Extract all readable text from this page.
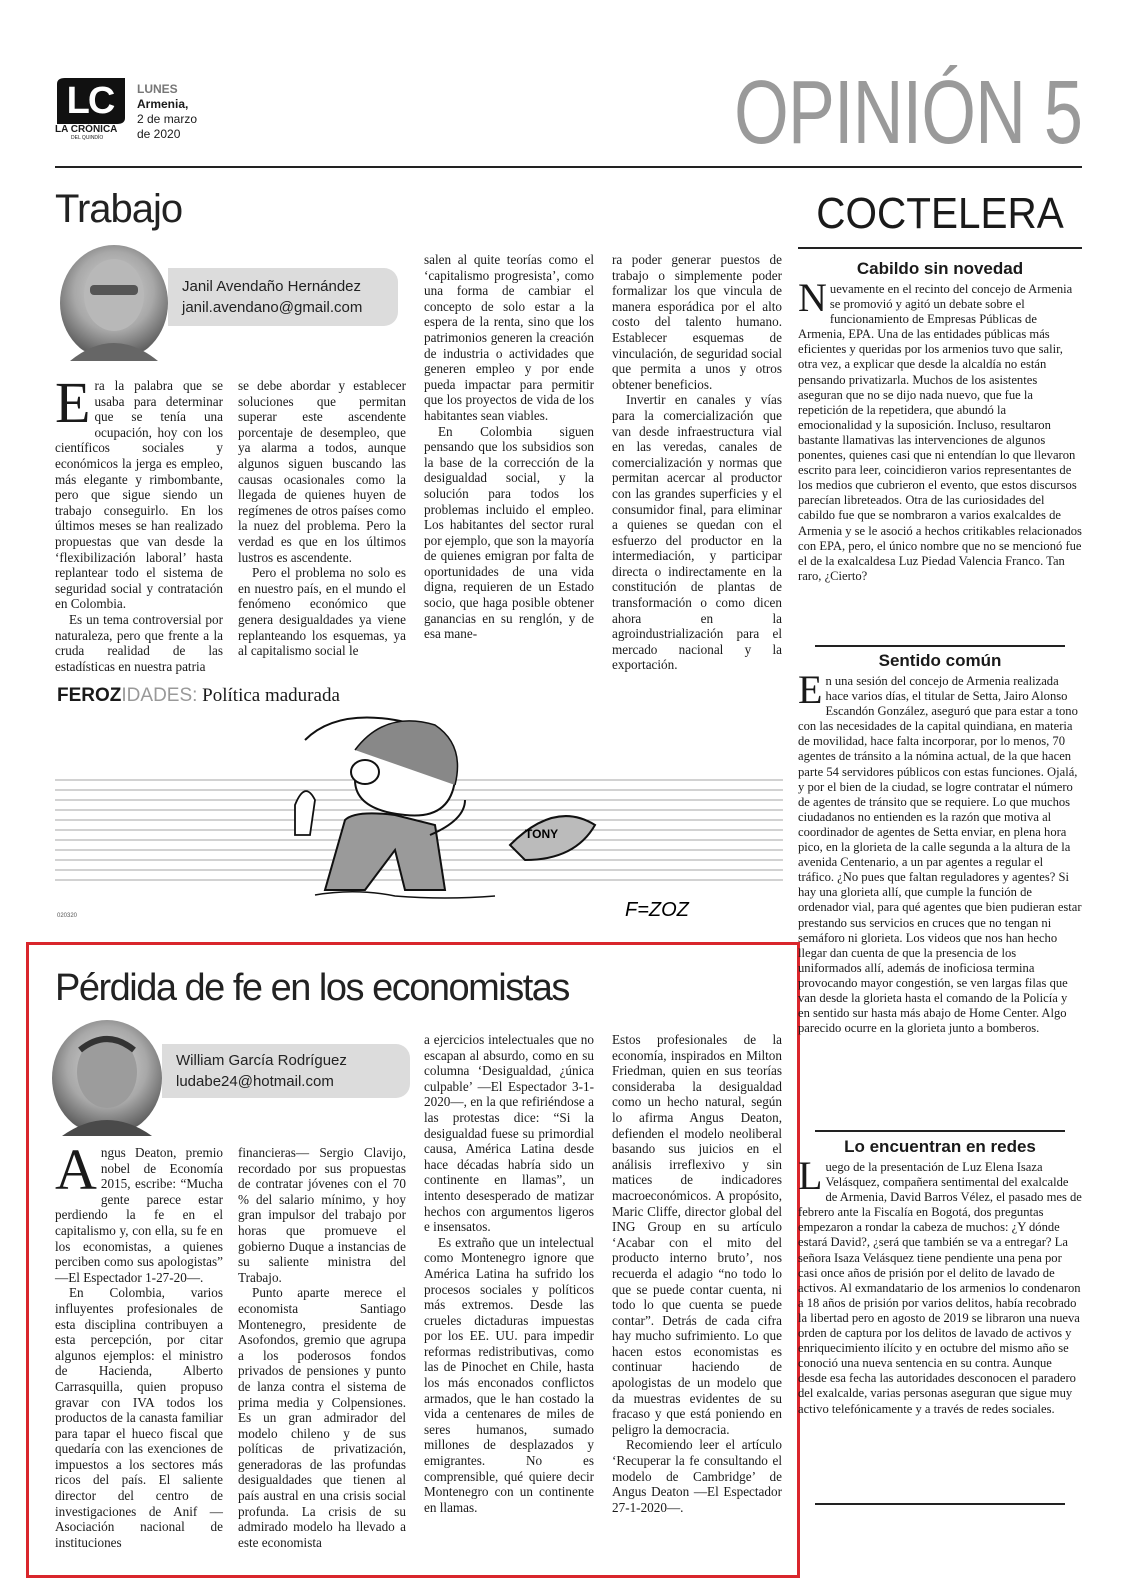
LC
LA CRÓNICA
DEL QUINDÍO
LUNES
Armenia,
2 de marzo
de 2020	OPINIÓN 5
Trabajo
Janil Avendaño Hernández
janil.avendano@gmail.com

Era la palabra que se usaba para determinar que se tenía una ocupación, hoy con los científicos sociales y económicos la jerga es empleo, más elegante y rimbombante, pero que sigue siendo un trabajo conseguirlo. En los últimos meses se han realizado propuestas que van desde la ‘flexibilización laboral’ hasta replantear todo el sistema de seguridad social y contratación en Colombia.

Es un tema controversial por naturaleza, pero que frente a la cruda realidad de las estadísticas en nuestra patria

se debe abordar y establecer soluciones que permitan superar este ascendente porcentaje de desempleo, que ya alarma a todos, aunque algunos siguen buscando las causas ocasionales como la llegada de quienes huyen de regímenes de otros países como la nuez del problema. Pero la verdad es que en los últimos lustros es ascendente.

Pero el problema no solo es en nuestro país, en el mundo el fenómeno económico que genera desigualdades ya viene replanteando los esquemas, ya al capitalismo social le

salen al quite teorías como el ‘capitalismo progresista’, como una forma de cambiar el concepto de solo estar a la espera de la renta, sino que los patrimonios generen la creación de industria o actividades que generen empleo y por ende pueda impactar para permitir que los proyectos de vida de los habitantes sean viables.

En Colombia siguen pensando que los subsidios son la base de la corrección de la desigualdad social, y la solución para todos los problemas incluido el empleo. Los habitantes del sector rural por ejemplo, que son la mayoría de quienes emigran por falta de oportunidades de una vida digna, requieren de un Estado socio, que haga posible obtener ganancias en su renglón, y de esa mane-

ra poder generar puestos de trabajo o simplemente poder formalizar los que vincula de manera esporádica por el alto costo del talento humano. Establecer esquemas de vinculación, de seguridad social que permita a unos y otros obtener beneficios.

Invertir en canales y vías para la comercialización que van desde infraestructura vial en las veredas, canales de comercialización y normas que permitan acercar al productor con las grandes superficies y el consumidor final, para eliminar a quienes se quedan con el esfuerzo del productor en la intermediación, y participar directa o indirectamente en la constitución de plantas de transformación o como dicen ahora en la agroindustrialización para el mercado nacional y la exportación.

FEROZIDADES: Política madurada
TONY
F=ZOZ
020320
Pérdida de fe en los economistas
William García Rodríguez
ludabe24@hotmail.com

Angus Deaton, premio nobel de Economía 2015, escribe: “Mucha gente parece estar perdiendo la fe en el capitalismo y, con ella, su fe en los economistas, a quienes perciben como sus apologistas” —El Espectador 1-27-20—.

En Colombia, varios influyentes profesionales de esta disciplina contribuyen a esta percepción, por citar algunos ejemplos: el ministro de Hacienda, Alberto Carrasquilla, quien propuso gravar con IVA todos los productos de la canasta familiar para tapar el hueco fiscal que quedaría con las exenciones de impuestos a los sectores más ricos del país. El saliente director del centro de investigaciones de Anif —Asociación nacional de instituciones

financieras— Sergio Clavijo, recordado por sus propuestas de contratar jóvenes con el 70 % del salario mínimo, y hoy gran impulsor del trabajo por horas que promueve el gobierno Duque a instancias de su saliente ministra del Trabajo.

Punto aparte merece el economista Santiago Montenegro, presidente de Asofondos, gremio que agrupa a los poderosos fondos privados de pensiones y punto de lanza contra el sistema de prima media y Colpensiones. Es un gran admirador del modelo chileno y de sus políticas de privatización, generadoras de las profundas desigualdades que tienen al país austral en una crisis social profunda. La crisis de su admirado modelo ha llevado a este economista

a ejercicios intelectuales que no escapan al absurdo, como en su columna ‘Desigualdad, ¿única culpable’ —El Espectador 3-1-2020—, en la que refiriéndose a las protestas dice: “Si la desigualdad fuese su primordial causa, América Latina desde hace décadas habría sido un continente en llamas”, un intento desesperado de matizar hechos con argumentos ligeros e insensatos.

Es extraño que un intelectual como Montenegro ignore que América Latina ha sufrido los procesos sociales y políticos más extremos. Desde las crueles dictaduras impuestas por los EE. UU. para impedir reformas redistributivas, como las de Pinochet en Chile, hasta los más enconados conflictos armados, que le han costado la vida a centenares de miles de seres humanos, sumado millones de desplazados y emigrantes. No es comprensible, qué quiere decir Montenegro con un continente en llamas.

Estos profesionales de la economía, inspirados en Milton Friedman, quien en sus teorías consideraba la desigualdad como un hecho natural, según lo afirma Angus Deaton, defienden el modelo neoliberal basando sus juicios en el análisis irreflexivo y sin matices de indicadores macroeconómicos. A propósito, Maric Cliffe, director global del ING Group en su artículo ‘Acabar con el mito del producto interno bruto’, nos recuerda el adagio “no todo lo que se puede contar cuenta, ni todo lo que cuenta se puede contar”. Detrás de cada cifra hay mucho sufrimiento. Lo que hacen estos economistas es continuar haciendo de apologistas de un modelo que da muestras evidentes de su fracaso y que está poniendo en peligro la democracia.

Recomiendo leer el artículo ‘Recuperar la fe consultando el modelo de Cambridge’ de Angus Deaton —El Espectador 27-1-2020—.

COCTELERA
Cabildo sin novedad
Nuevamente en el recinto del concejo de Armenia se promovió y agitó un debate sobre el funcionamiento de Empresas Públicas de Armenia, EPA. Una de las entidades públicas más eficientes y queridas por los armenios tuvo que salir, otra vez, a explicar que desde la alcaldía no están pensando privatizarla. Muchos de los asistentes aseguran que no se dijo nada nuevo, que fue la repetición de la repetidera, que abundó la emocionalidad y la suposición. Incluso, resultaron bastante llamativas las intervenciones de algunos ponentes, quienes casi que ni entendían lo que llevaron escrito para leer, coincidieron varios representantes de los medios que cubrieron el evento, que estos discursos parecían libreteados. Otra de las curiosidades del cabildo fue que se nombraron a varios exalcaldes de Armenia y se le asoció a hechos critikables relacionados con EPA, pero, el único nombre que no se mencionó fue el de la exalcaldesa Luz Piedad Valencia Franco. Tan raro, ¿Cierto?
Sentido común
En una sesión del concejo de Armenia realizada hace varios días, el titular de Setta, Jairo Alonso Escandón González, aseguró que para estar a tono con las necesidades de la capital quindiana, en materia de movilidad, hace falta incorporar, por lo menos, 70 agentes de tránsito a la nómina actual, de la que hacen parte 54 servidores públicos con estas funciones. Ojalá, y por el bien de la ciudad, se logre contratar el número de agentes de tránsito que se requiere. Lo que muchos ciudadanos no entienden es la razón que motiva al coordinador de agentes de Setta enviar, en plena hora pico, en la glorieta de la calle segunda a la altura de la avenida Centenario, a un par agentes a regular el tráfico. ¿No pues que faltan reguladores y agentes? Si hay una glorieta allí, que cumple la función de ordenador vial, para qué agentes que bien pudieran estar prestando sus servicios en cruces que no tengan ni semáforo ni glorieta. Los videos que nos han hecho llegar dan cuenta de que la presencia de los uniformados allí, además de inoficiosa termina provocando mayor congestión, se ven largas filas que van desde la glorieta hasta el comando de la Policía y en sentido sur hasta más abajo de Home Center. Algo parecido ocurre en la glorieta junto a bomberos.
Lo encuentran en redes
Luego de la presentación de Luz Elena Isaza Velásquez, compañera sentimental del exalcalde de Armenia, David Barros Vélez, el pasado mes de febrero ante la Fiscalía en Bogotá, dos preguntas empezaron a rondar la cabeza de muchos: ¿Y dónde estará David?, ¿será que también se va a entregar? La señora Isaza Velásquez tiene pendiente una pena por casi once años de prisión por el delito de lavado de activos. Al exmandatario de los armenios lo condenaron a 18 años de prisión por varios delitos, había recobrado la libertad pero en agosto de 2019 se libraron una nueva orden de captura por los delitos de lavado de activos y enriquecimiento ilícito y en octubre del mismo año se conoció una nueva sentencia en su contra. Aunque desde esa fecha las autoridades desconocen el paradero del exalcalde, varias personas aseguran que sigue muy activo telefónicamente y a través de redes sociales.
